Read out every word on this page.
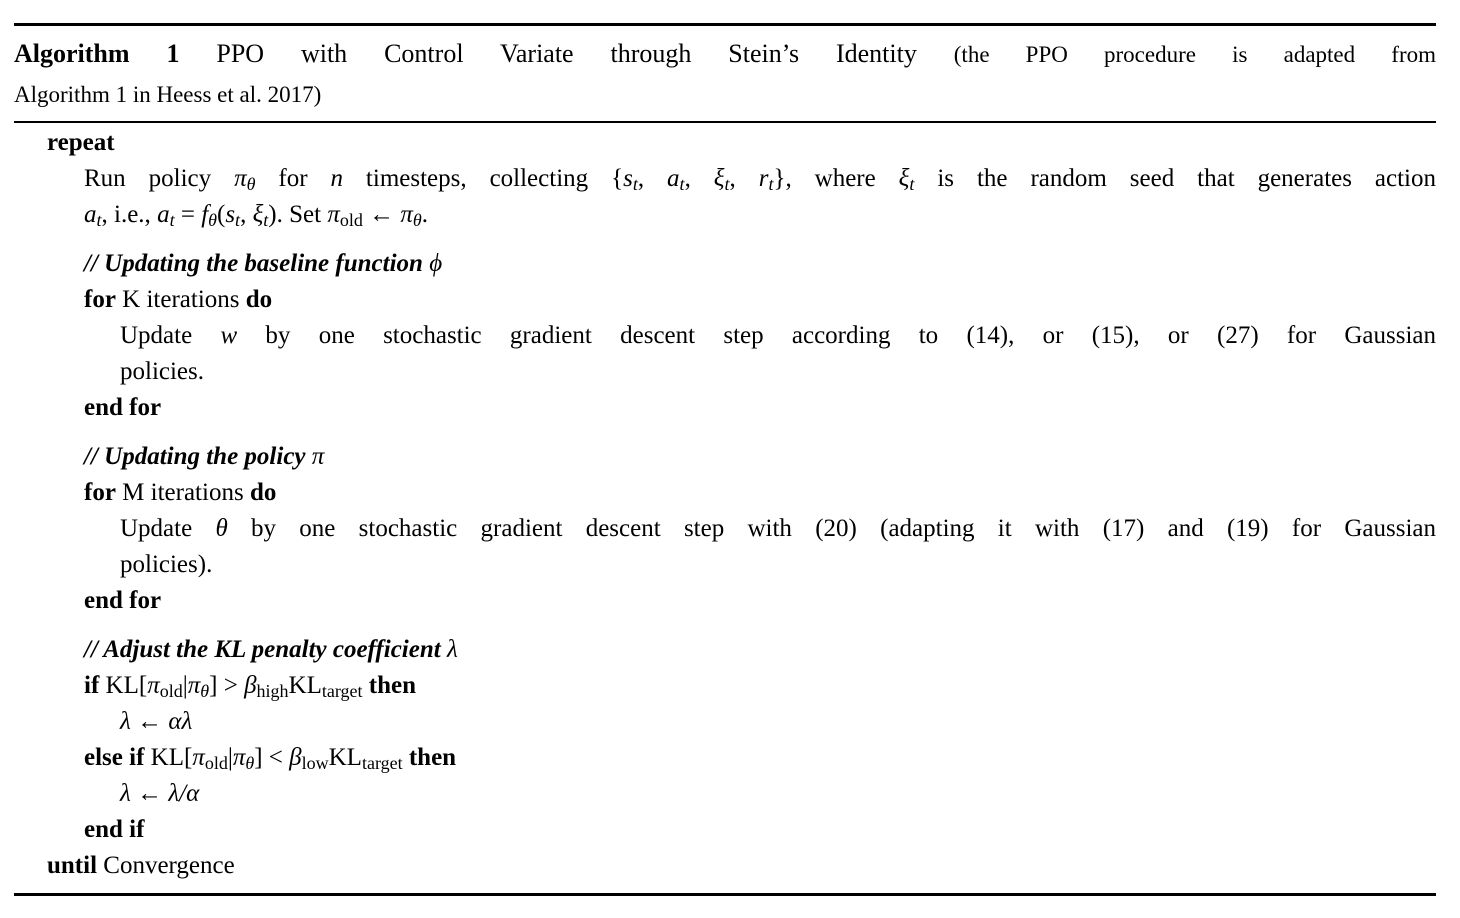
Algorithm 1 PPO with Control Variate through Stein’s Identity (the PPO procedure is adapted from
Algorithm 1 in Heess et al. 2017)
repeat
Run policy πθ for n timesteps, collecting {st, at, ξt, rt}, where ξt is the random seed that generates action
at, i.e., at = fθ(st, ξt). Set $\pi_{old}$ ← πθ.
// Updating the baseline function ϕ
for K iterations do
Update w by one stochastic gradient descent step according to (14), or (15), or (27) for Gaussian
policies.
end for
// Updating the policy π
for M iterations do
Update θ by one stochastic gradient descent step with (20) (adapting it with (17) and (19) for Gaussian
policies).
end for
// Adjust the KL penalty coefficient λ
if $KL[\pi_{old}|\pi\theta] > \beta_{high}KL_{target}$ then
λ ← αλ
else if $KL[\pi_{old}|\pi\theta] < \beta_{low}KL_{target}$ then
λ ← λ/α
end if
until Convergence
